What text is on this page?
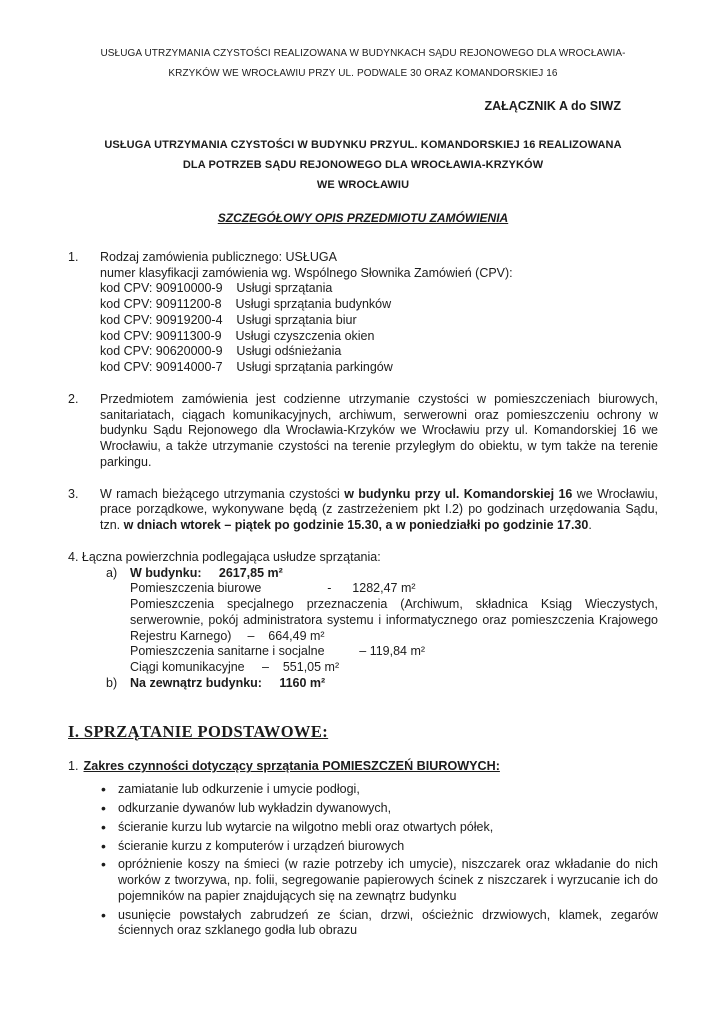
USŁUGA UTRZYMANIA CZYSTOŚCI REALIZOWANA W BUDYNKACH SĄDU REJONOWEGO DLA WROCŁAWIA-
KRZYKÓW WE WROCŁAWIU PRZY UL. PODWALE 30 ORAZ KOMANDORSKIEJ 16
ZAŁĄCZNIK A do SIWZ
USŁUGA UTRZYMANIA CZYSTOŚCI W BUDYNKU PRZYUL. KOMANDORSKIEJ 16 REALIZOWANA
DLA POTRZEB SĄDU REJONOWEGO DLA WROCŁAWIA-KRZYKÓW
WE WROCŁAWIU
SZCZEGÓŁOWY OPIS PRZEDMIOTU ZAMÓWIENIA
1.	Rodzaj zamówienia publicznego: USŁUGA
numer klasyfikacji zamówienia wg. Wspólnego Słownika Zamówień (CPV):
kod CPV: 90910000-9    Usługi sprzątania
kod CPV: 90911200-8    Usługi sprzątania budynków
kod CPV: 90919200-4    Usługi sprzątania biur
kod CPV: 90911300-9    Usługi czyszczenia okien
kod CPV: 90620000-9    Usługi odśnieżania
kod CPV: 90914000-7    Usługi sprzątania parkingów
2.	Przedmiotem zamówienia jest codzienne utrzymanie czystości w pomieszczeniach biurowych, sanitariatach, ciągach komunikacyjnych, archiwum, serwerowni oraz pomieszczeniu ochrony w budynku Sądu Rejonowego dla Wrocławia-Krzyków we Wrocławiu przy ul. Komandorskiej 16 we Wrocławiu, a także utrzymanie czystości na terenie przyległym do obiektu, w tym także na terenie parkingu.
3.	W ramach bieżącego utrzymania czystości w budynku przy ul. Komandorskiej 16 we Wrocławiu, prace porządkowe, wykonywane będą (z zastrzeżeniem pkt I.2) po godzinach urzędowania Sądu, tzn. w dniach wtorek – piątek po godzinie 15.30, a w poniedziałki po godzinie 17.30.
4. Łączna powierzchnia podlegająca usłudze sprzątania:
a)	W budynku:     2617,85 m²
Pomieszczenia biurowe                   -      1282,47 m²
Pomieszczenia specjalnego przeznaczenia (Archiwum, składnica Ksiąg Wieczystych, serwerownie, pokój administratora systemu i informatycznego oraz pomieszczenia Krajowego Rejestru Karnego) –    664,49 m²
Pomieszczenia sanitarne i socjalne          – 119,84 m²
Ciągi komunikacyjne     –    551,05 m²
b)	Na zewnątrz budynku:     1160 m²
I. SPRZĄTANIE PODSTAWOWE:
1. Zakres czynności dotyczący sprzątania POMIESZCZEŃ BIUROWYCH:
• zamiatanie lub odkurzenie i umycie podłogi,
• odkurzanie dywanów lub wykładzin dywanowych,
• ścieranie kurzu lub wytarcie na wilgotno mebli oraz otwartych półek,
• ścieranie kurzu z komputerów i urządzeń biurowych
• opróżnienie koszy na śmieci (w razie potrzeby ich umycie), niszczarek oraz wkładanie do nich worków z tworzywa, np. folii, segregowanie papierowych ścinek z niszczarek i wyrzucanie ich do pojemników na papier znajdujących się na zewnątrz budynku
• usunięcie powstałych zabrudzeń ze ścian, drzwi, ościeżnic drzwiowych, klamek, zegarów ściennych oraz szklanego godła lub obrazu
